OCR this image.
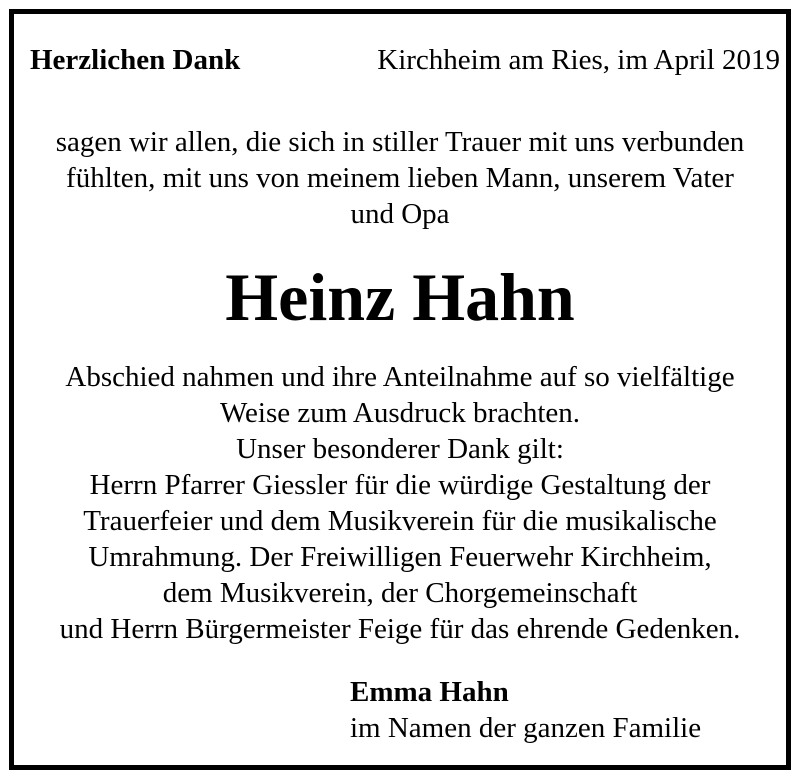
Herzlichen Dank	Kirchheim am Ries, im April 2019
sagen wir allen, die sich in stiller Trauer mit uns verbunden
fühlten, mit uns von meinem lieben Mann, unserem Vater
und Opa
Heinz Hahn
Abschied nahmen und ihre Anteilnahme auf so vielfältige
Weise zum Ausdruck brachten.
Unser besonderer Dank gilt:
Herrn Pfarrer Giessler für die würdige Gestaltung der
Trauerfeier und dem Musikverein für die musikalische
Umrahmung. Der Freiwilligen Feuerwehr Kirchheim,
dem Musikverein, der Chorgemeinschaft
und Herrn Bürgermeister Feige für das ehrende Gedenken.
Emma Hahn
im Namen der ganzen Familie
